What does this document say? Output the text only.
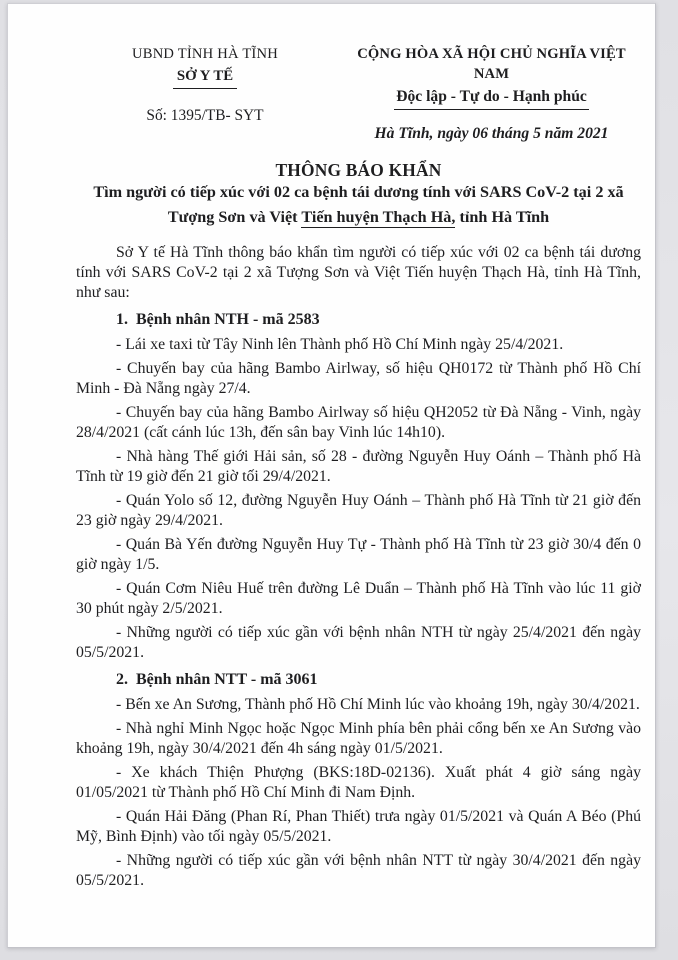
UBND TỈNH HÀ TĨNH
SỞ Y TẾ
Số: 1395/TB- SYT
CỘNG HÒA XÃ HỘI CHỦ NGHĨA VIỆT NAM
Độc lập - Tự do - Hạnh phúc
Hà Tĩnh, ngày 06 tháng 5 năm 2021
THÔNG BÁO KHẨN
Tìm người có tiếp xúc với 02 ca bệnh tái dương tính với SARS CoV-2 tại 2 xã
Tượng Sơn và Việt Tiến huyện Thạch Hà, tỉnh Hà Tĩnh

Sở Y tế Hà Tĩnh thông báo khẩn tìm người có tiếp xúc với 02 ca bệnh tái dương tính với SARS CoV-2 tại 2 xã Tượng Sơn và Việt Tiến huyện Thạch Hà, tỉnh Hà Tĩnh, như sau:

1.  Bệnh nhân NTH - mã 2583

- Lái xe taxi từ Tây Ninh lên Thành phố Hồ Chí Minh ngày 25/4/2021.

- Chuyến bay của hãng Bambo Airlway, số hiệu QH0172 từ Thành phố Hồ Chí Minh - Đà Nẵng ngày 27/4.

- Chuyến bay của hãng Bambo Airlway số hiệu QH2052 từ Đà Nẵng - Vinh, ngày 28/4/2021 (cất cánh lúc 13h, đến sân bay Vinh lúc 14h10).

- Nhà hàng Thế giới Hải sản, số 28 - đường Nguyễn Huy Oánh – Thành phố Hà Tĩnh từ 19 giờ đến 21 giờ tối 29/4/2021.

- Quán Yolo số 12, đường Nguyễn Huy Oánh – Thành phố Hà Tĩnh từ 21 giờ đến 23 giờ ngày 29/4/2021.

- Quán Bà Yến đường Nguyễn Huy Tự - Thành phố Hà Tĩnh từ 23 giờ 30/4 đến 0 giờ ngày 1/5.

- Quán Cơm Niêu Huế trên đường Lê Duẩn – Thành phố Hà Tĩnh vào lúc 11 giờ 30 phút ngày 2/5/2021.

- Những người có tiếp xúc gần với bệnh nhân NTH từ ngày 25/4/2021 đến ngày 05/5/2021.

2.  Bệnh nhân NTT - mã 3061

- Bến xe An Sương, Thành phố Hồ Chí Minh lúc vào khoảng 19h, ngày 30/4/2021.

- Nhà nghỉ Minh Ngọc hoặc Ngọc Minh phía bên phải cổng bến xe An Sương vào khoảng 19h, ngày 30/4/2021 đến 4h sáng ngày 01/5/2021.

- Xe khách Thiện Phượng (BKS:18D-02136). Xuất phát 4 giờ sáng ngày 01/05/2021 từ Thành phố Hồ Chí Minh đi Nam Định.

- Quán Hải Đăng (Phan Rí, Phan Thiết) trưa ngày 01/5/2021 và Quán A Béo (Phú Mỹ, Bình Định) vào tối ngày 05/5/2021.

- Những người có tiếp xúc gần với bệnh nhân NTT từ ngày 30/4/2021 đến ngày 05/5/2021.
